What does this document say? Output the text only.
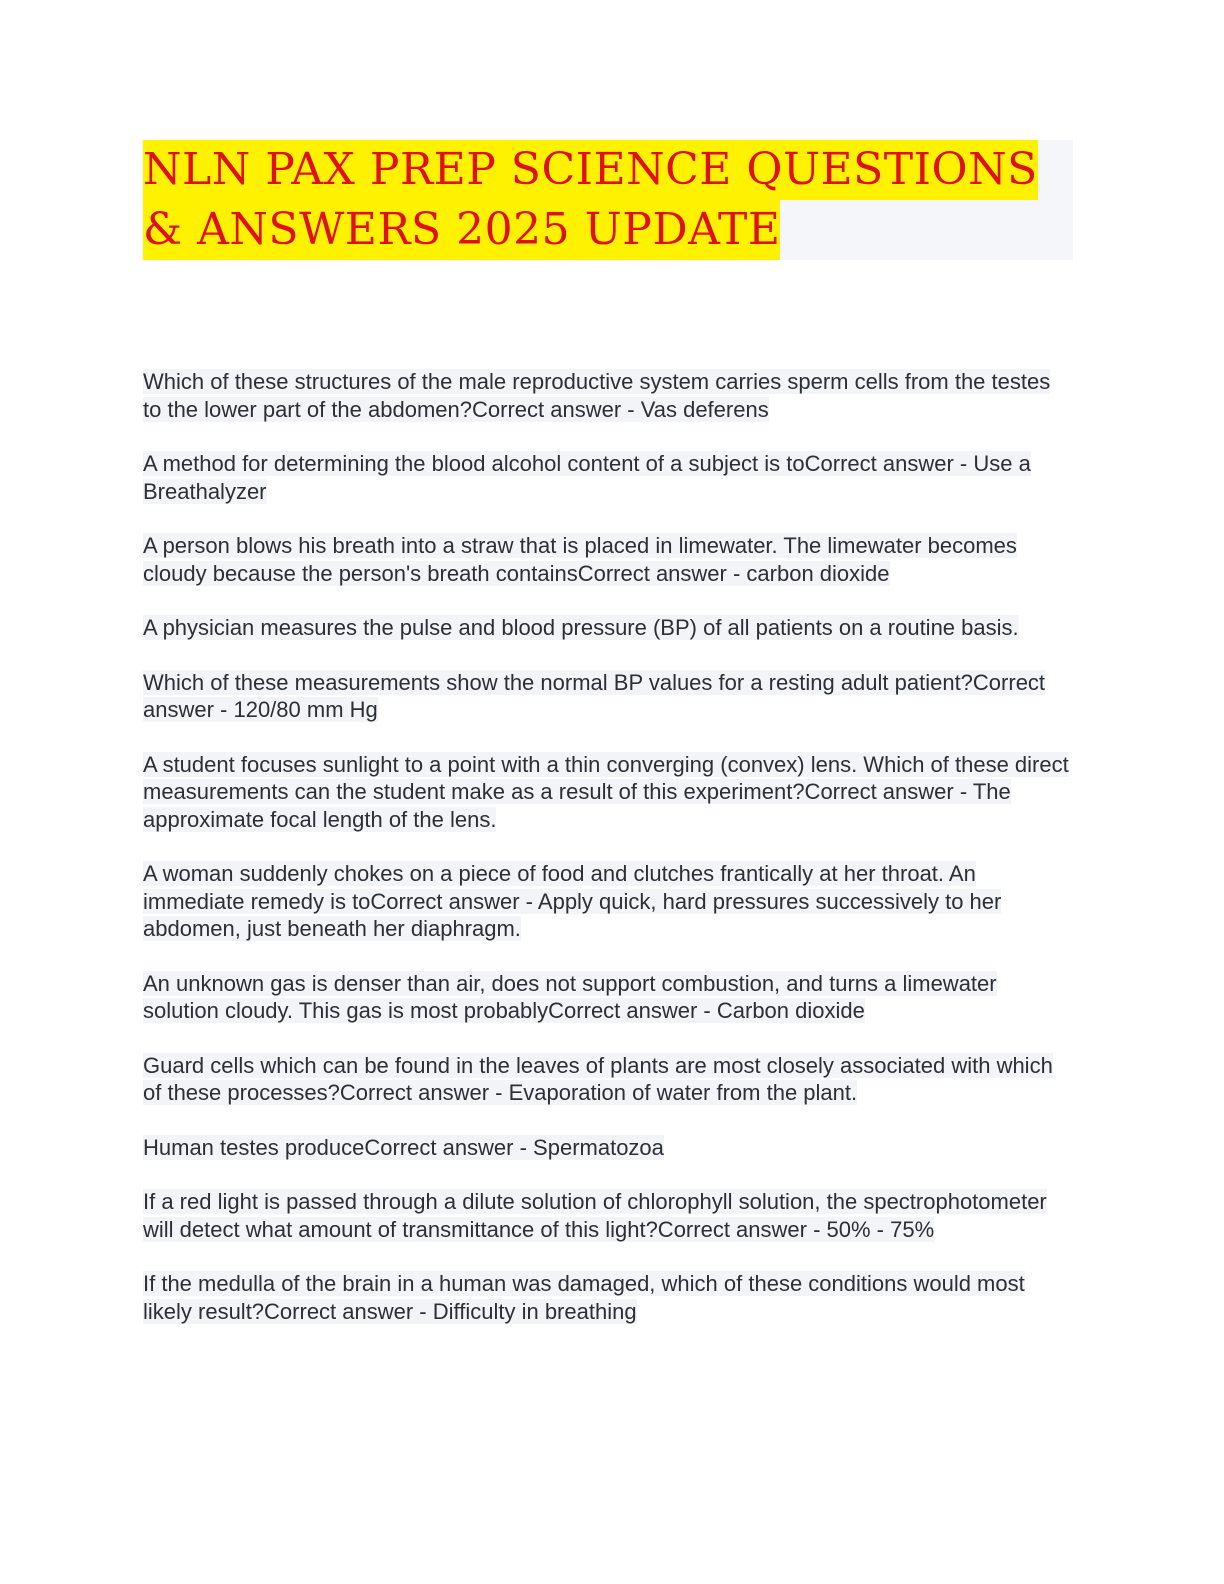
NLN PAX PREP SCIENCE QUESTIONS
& ANSWERS 2025 UPDATE

Which of these structures of the male reproductive system carries sperm cells from the testes to the lower part of the abdomen?Correct answer - Vas deferens

A method for determining the blood alcohol content of a subject is toCorrect answer - Use a Breathalyzer

A person blows his breath into a straw that is placed in limewater. The limewater becomes cloudy because the person's breath containsCorrect answer - carbon dioxide

A physician measures the pulse and blood pressure (BP) of all patients on a routine basis.

Which of these measurements show the normal BP values for a resting adult patient?Correct answer - 120/80 mm Hg

A student focuses sunlight to a point with a thin converging (convex) lens. Which of these direct measurements can the student make as a result of this experiment?Correct answer - The approximate focal length of the lens.

A woman suddenly chokes on a piece of food and clutches frantically at her throat. An immediate remedy is toCorrect answer - Apply quick, hard pressures successively to her abdomen, just beneath her diaphragm.

An unknown gas is denser than air, does not support combustion, and turns a limewater solution cloudy. This gas is most probablyCorrect answer - Carbon dioxide

Guard cells which can be found in the leaves of plants are most closely associated with which of these processes?Correct answer - Evaporation of water from the plant.

Human testes produceCorrect answer - Spermatozoa

If a red light is passed through a dilute solution of chlorophyll solution, the spectrophotometer will detect what amount of transmittance of this light?Correct answer - 50% - 75%

If the medulla of the brain in a human was damaged, which of these conditions would most likely result?Correct answer - Difficulty in breathing
